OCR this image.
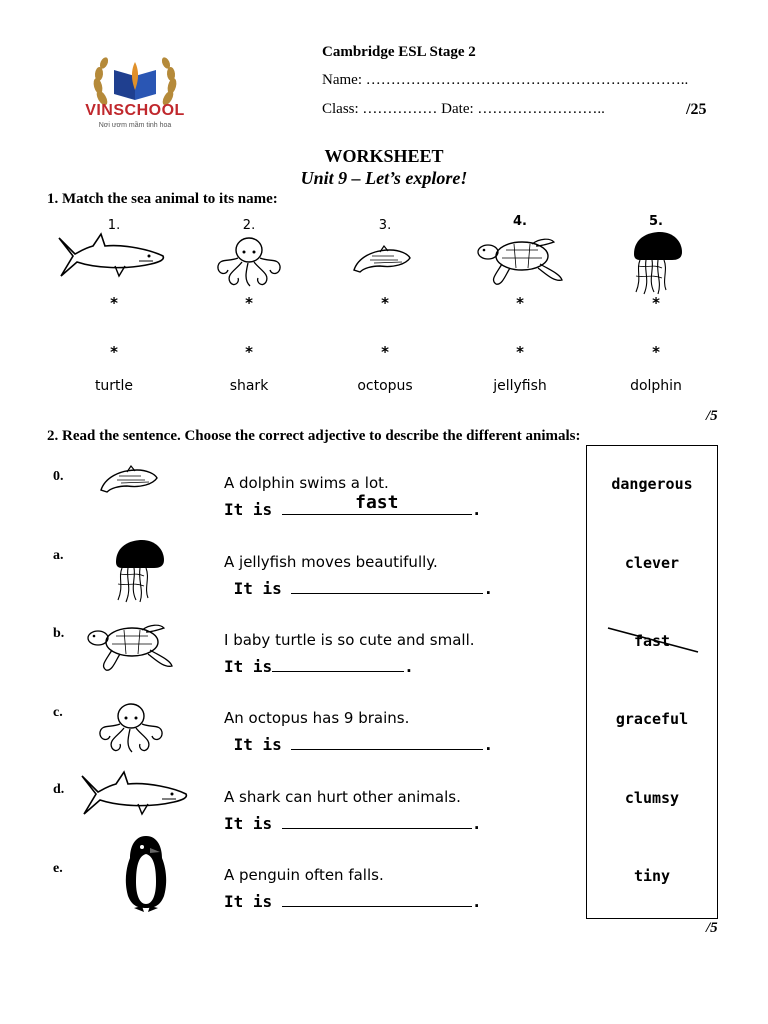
VINSCHOOL
Nơi ươm mầm tinh hoa
Cambridge ESL Stage 2
Name: ………………………………………………………..
Class: …………… Date: ……………………..	/25
WORKSHEET
Unit 9 – Let’s explore!
1. Match the sea animal to its name:
1.	2.	3.	4.	5.
*	*	*	*	*
*	*	*	*	*
turtle	shark	octopus	jellyfish	dolphin
/5
2. Read the sentence. Choose the correct adjective to describe the different animals:
dangerous
clever
fast
graceful
clumsy
tiny
0.	A dolphin swims a lot.
It is	fast	.
a.	A jellyfish moves beautifully.
It is	.
b.	I baby turtle is so cute and small.
It is	.
c.	An octopus has 9 brains.
It is	.
d.	A shark can hurt other animals.
It is	.
e.	A penguin often falls.
It is	.
/5
